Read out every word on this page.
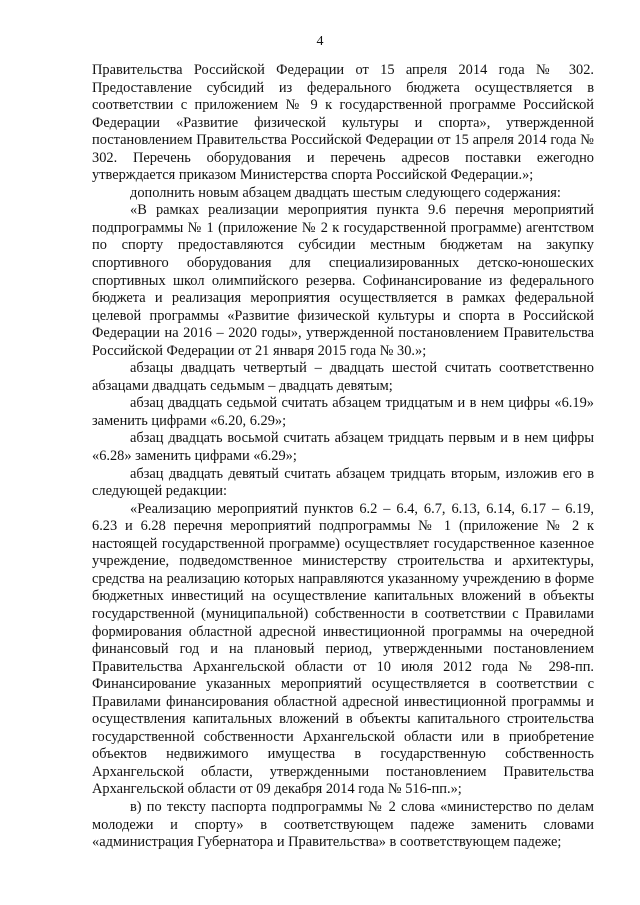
4

Правительства Российской Федерации от 15 апреля 2014 года № 302. Предоставление субсидий из федерального бюджета осуществляется в соответствии с приложением № 9 к государственной программе Российской Федерации «Развитие физической культуры и спорта», утвержденной постановлением Правительства Российской Федерации от 15 апреля 2014 года № 302. Перечень оборудования и перечень адресов поставки ежегодно утверждается приказом Министерства спорта Российской Федерации.»;

дополнить новым абзацем двадцать шестым следующего содержания:

«В рамках реализации мероприятия пункта 9.6 перечня мероприятий подпрограммы № 1 (приложение № 2 к государственной программе) агентством по спорту предоставляются субсидии местным бюджетам на закупку спортивного оборудования для специализированных детско-юношеских спортивных школ олимпийского резерва. Софинансирование из федерального бюджета и реализация мероприятия осуществляется в рамках федеральной целевой программы «Развитие физической культуры и спорта в Российской Федерации на 2016 – 2020 годы», утвержденной постановлением Правительства Российской Федерации от 21 января 2015 года № 30.»;

абзацы двадцать четвертый – двадцать шестой считать соответственно абзацами двадцать седьмым – двадцать девятым;

абзац двадцать седьмой считать абзацем тридцатым и в нем цифры «6.19» заменить цифрами «6.20, 6.29»;

абзац двадцать восьмой считать абзацем тридцать первым и в нем цифры «6.28» заменить цифрами «6.29»;

абзац двадцать девятый считать абзацем тридцать вторым, изложив его в следующей редакции:

«Реализацию мероприятий пунктов 6.2 – 6.4, 6.7, 6.13, 6.14, 6.17 – 6.19, 6.23 и 6.28 перечня мероприятий подпрограммы № 1 (приложение № 2 к настоящей государственной программе) осуществляет государственное казенное учреждение, подведомственное министерству строительства и архитектуры, средства на реализацию которых направляются указанному учреждению в форме бюджетных инвестиций на осуществление капитальных вложений в объекты государственной (муниципальной) собственности в соответствии с Правилами формирования областной адресной инвестиционной программы на очередной финансовый год и на плановый период, утвержденными постановлением Правительства Архангельской области от 10 июля 2012 года № 298-пп. Финансирование указанных мероприятий осуществляется в соответствии с Правилами финансирования областной адресной инвестиционной программы и осуществления капитальных вложений в объекты капитального строительства государственной собственности Архангельской области или в приобретение объектов недвижимого имущества в государственную собственность Архангельской области, утвержденными постановлением Правительства Архангельской области от 09 декабря 2014 года № 516-пп.»;

в) по тексту паспорта подпрограммы № 2 слова «министерство по делам молодежи и спорту» в соответствующем падеже заменить словами «администрация Губернатора и Правительства» в соответствующем падеже;
